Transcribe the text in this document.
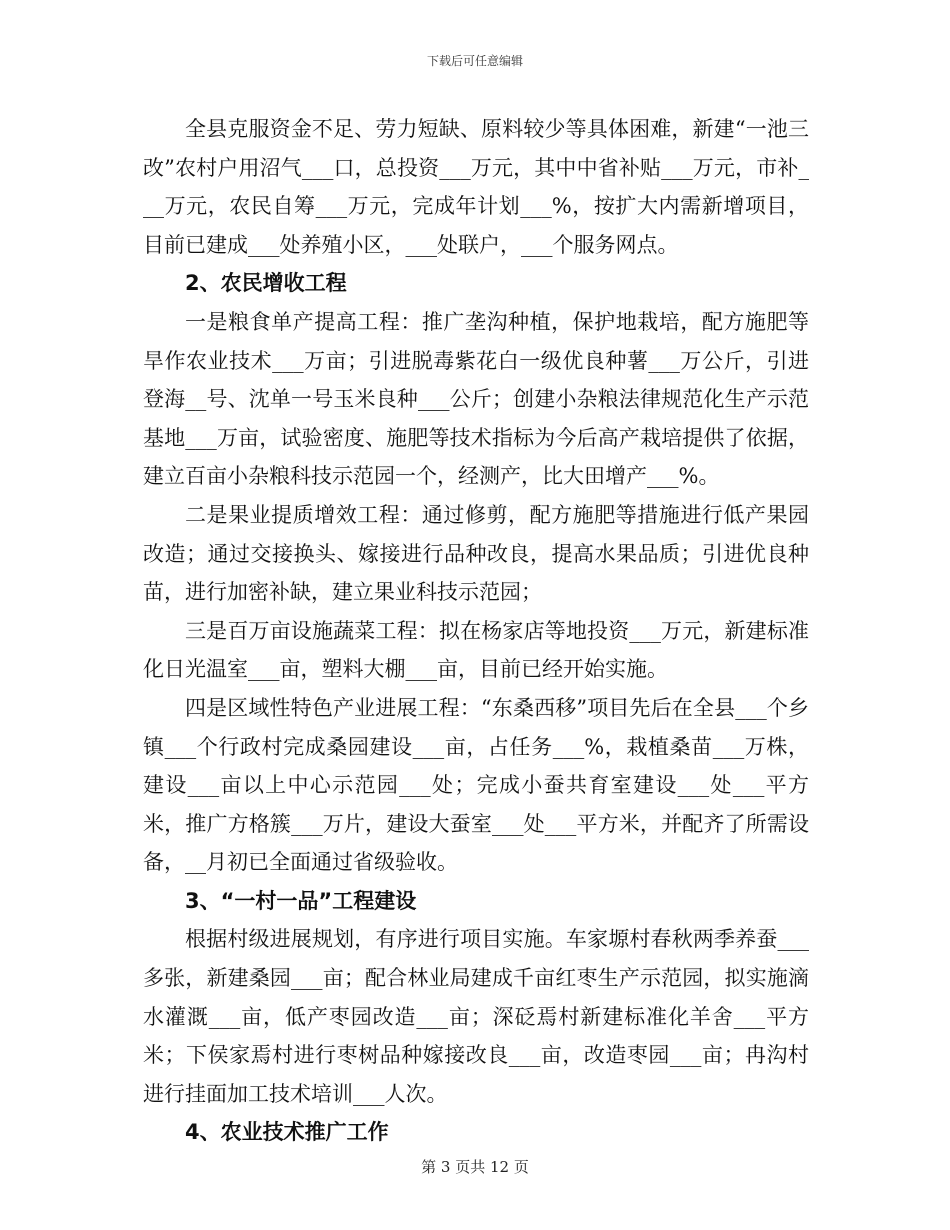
下载后可任意编辑

全县克服资金不足、劳力短缺、原料较少等具体困难，新建“一池三改”农村户用沼气___口，总投资___万元，其中中省补贴___万元，市补___万元，农民自筹___万元，完成年计划___%，按扩大内需新增项目，目前已建成___处养殖小区，___处联户，___个服务网点。

2、农民增收工程

一是粮食单产提高工程：推广垄沟种植，保护地栽培，配方施肥等旱作农业技术___万亩；引进脱毒紫花白一级优良种薯___万公斤，引进登海__号、沈单一号玉米良种___公斤；创建小杂粮法律规范化生产示范基地___万亩，试验密度、施肥等技术指标为今后高产栽培提供了依据，建立百亩小杂粮科技示范园一个，经测产，比大田增产___%。

二是果业提质增效工程：通过修剪，配方施肥等措施进行低产果园改造；通过交接换头、嫁接进行品种改良，提高水果品质；引进优良种苗，进行加密补缺，建立果业科技示范园；

三是百万亩设施蔬菜工程：拟在杨家店等地投资___万元，新建标准化日光温室___亩，塑料大棚___亩，目前已经开始实施。

四是区域性特色产业进展工程：“东桑西移”项目先后在全县___个乡镇___个行政村完成桑园建设___亩，占任务___%，栽植桑苗___万株，建设___亩以上中心示范园___处；完成小蚕共育室建设___处___平方米，推广方格簇___万片，建设大蚕室___处___平方米，并配齐了所需设备，__月初已全面通过省级验收。

3、“一村一品”工程建设

根据村级进展规划，有序进行项目实施。车家塬村春秋两季养蚕___多张，新建桑园___亩；配合林业局建成千亩红枣生产示范园，拟实施滴水灌溉___亩，低产枣园改造___亩；深砭焉村新建标准化羊舍___平方米；下侯家焉村进行枣树品种嫁接改良___亩，改造枣园___亩；冉沟村进行挂面加工技术培训___人次。

4、农业技术推广工作

第 3 页共 12 页
